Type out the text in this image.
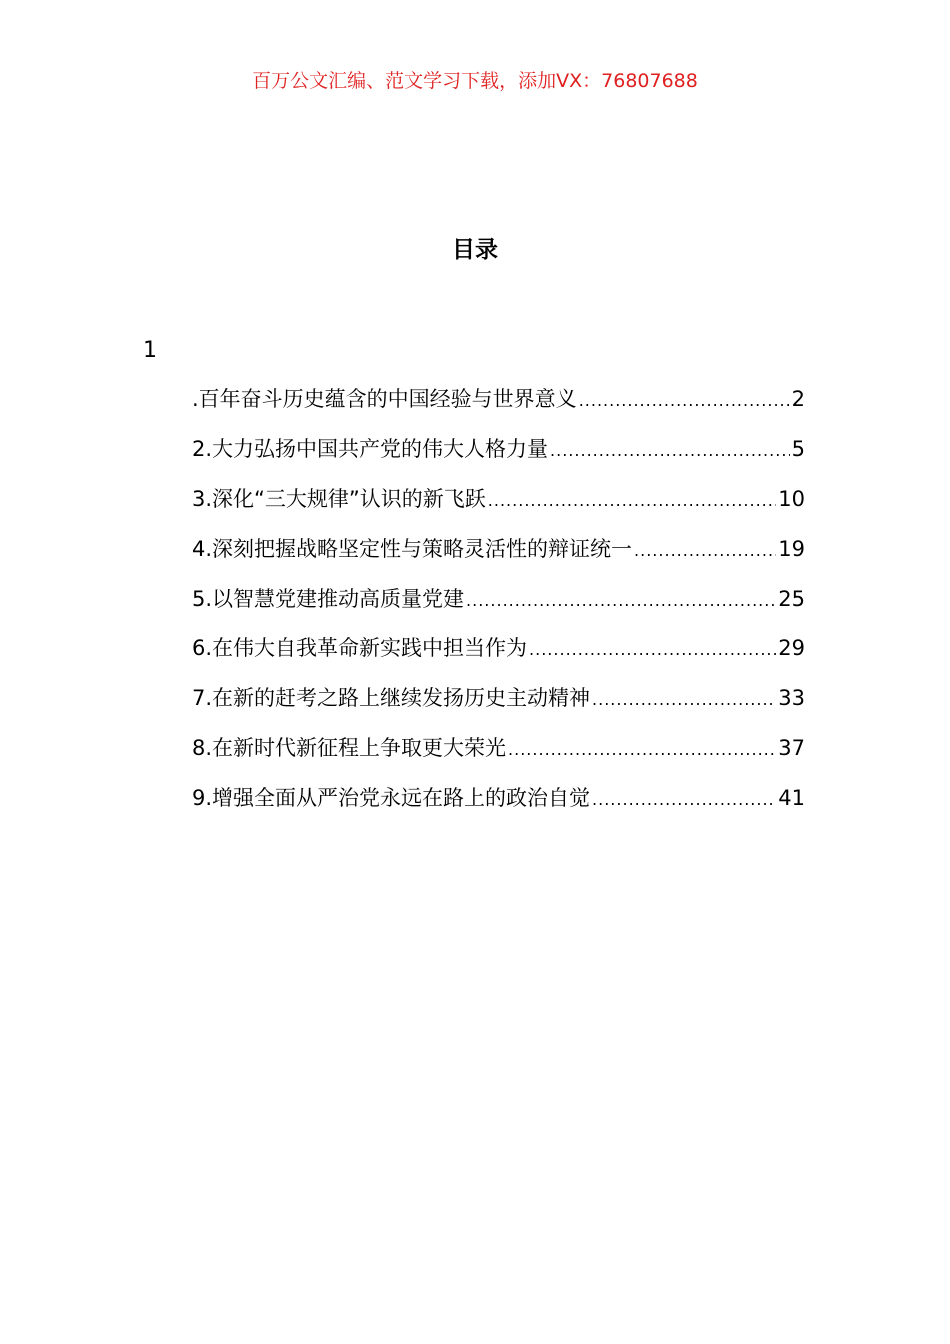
百万公文汇编、范文学习下载，添加VX：76807688
目录
1
.百年奋斗历史蕴含的中国经验与世界意义 .....	2
2.大力弘扬中国共产党的伟大人格力量 .....	5
3.深化“三大规律”认识的新飞跃 .....	10
4.深刻把握战略坚定性与策略灵活性的辩证统一 .....	19
5.以智慧党建推动高质量党建 .....	25
6.在伟大自我革命新实践中担当作为 .....	29
7.在新的赶考之路上继续发扬历史主动精神 .....	33
8.在新时代新征程上争取更大荣光 .....	37
9.增强全面从严治党永远在路上的政治自觉 .....	41
